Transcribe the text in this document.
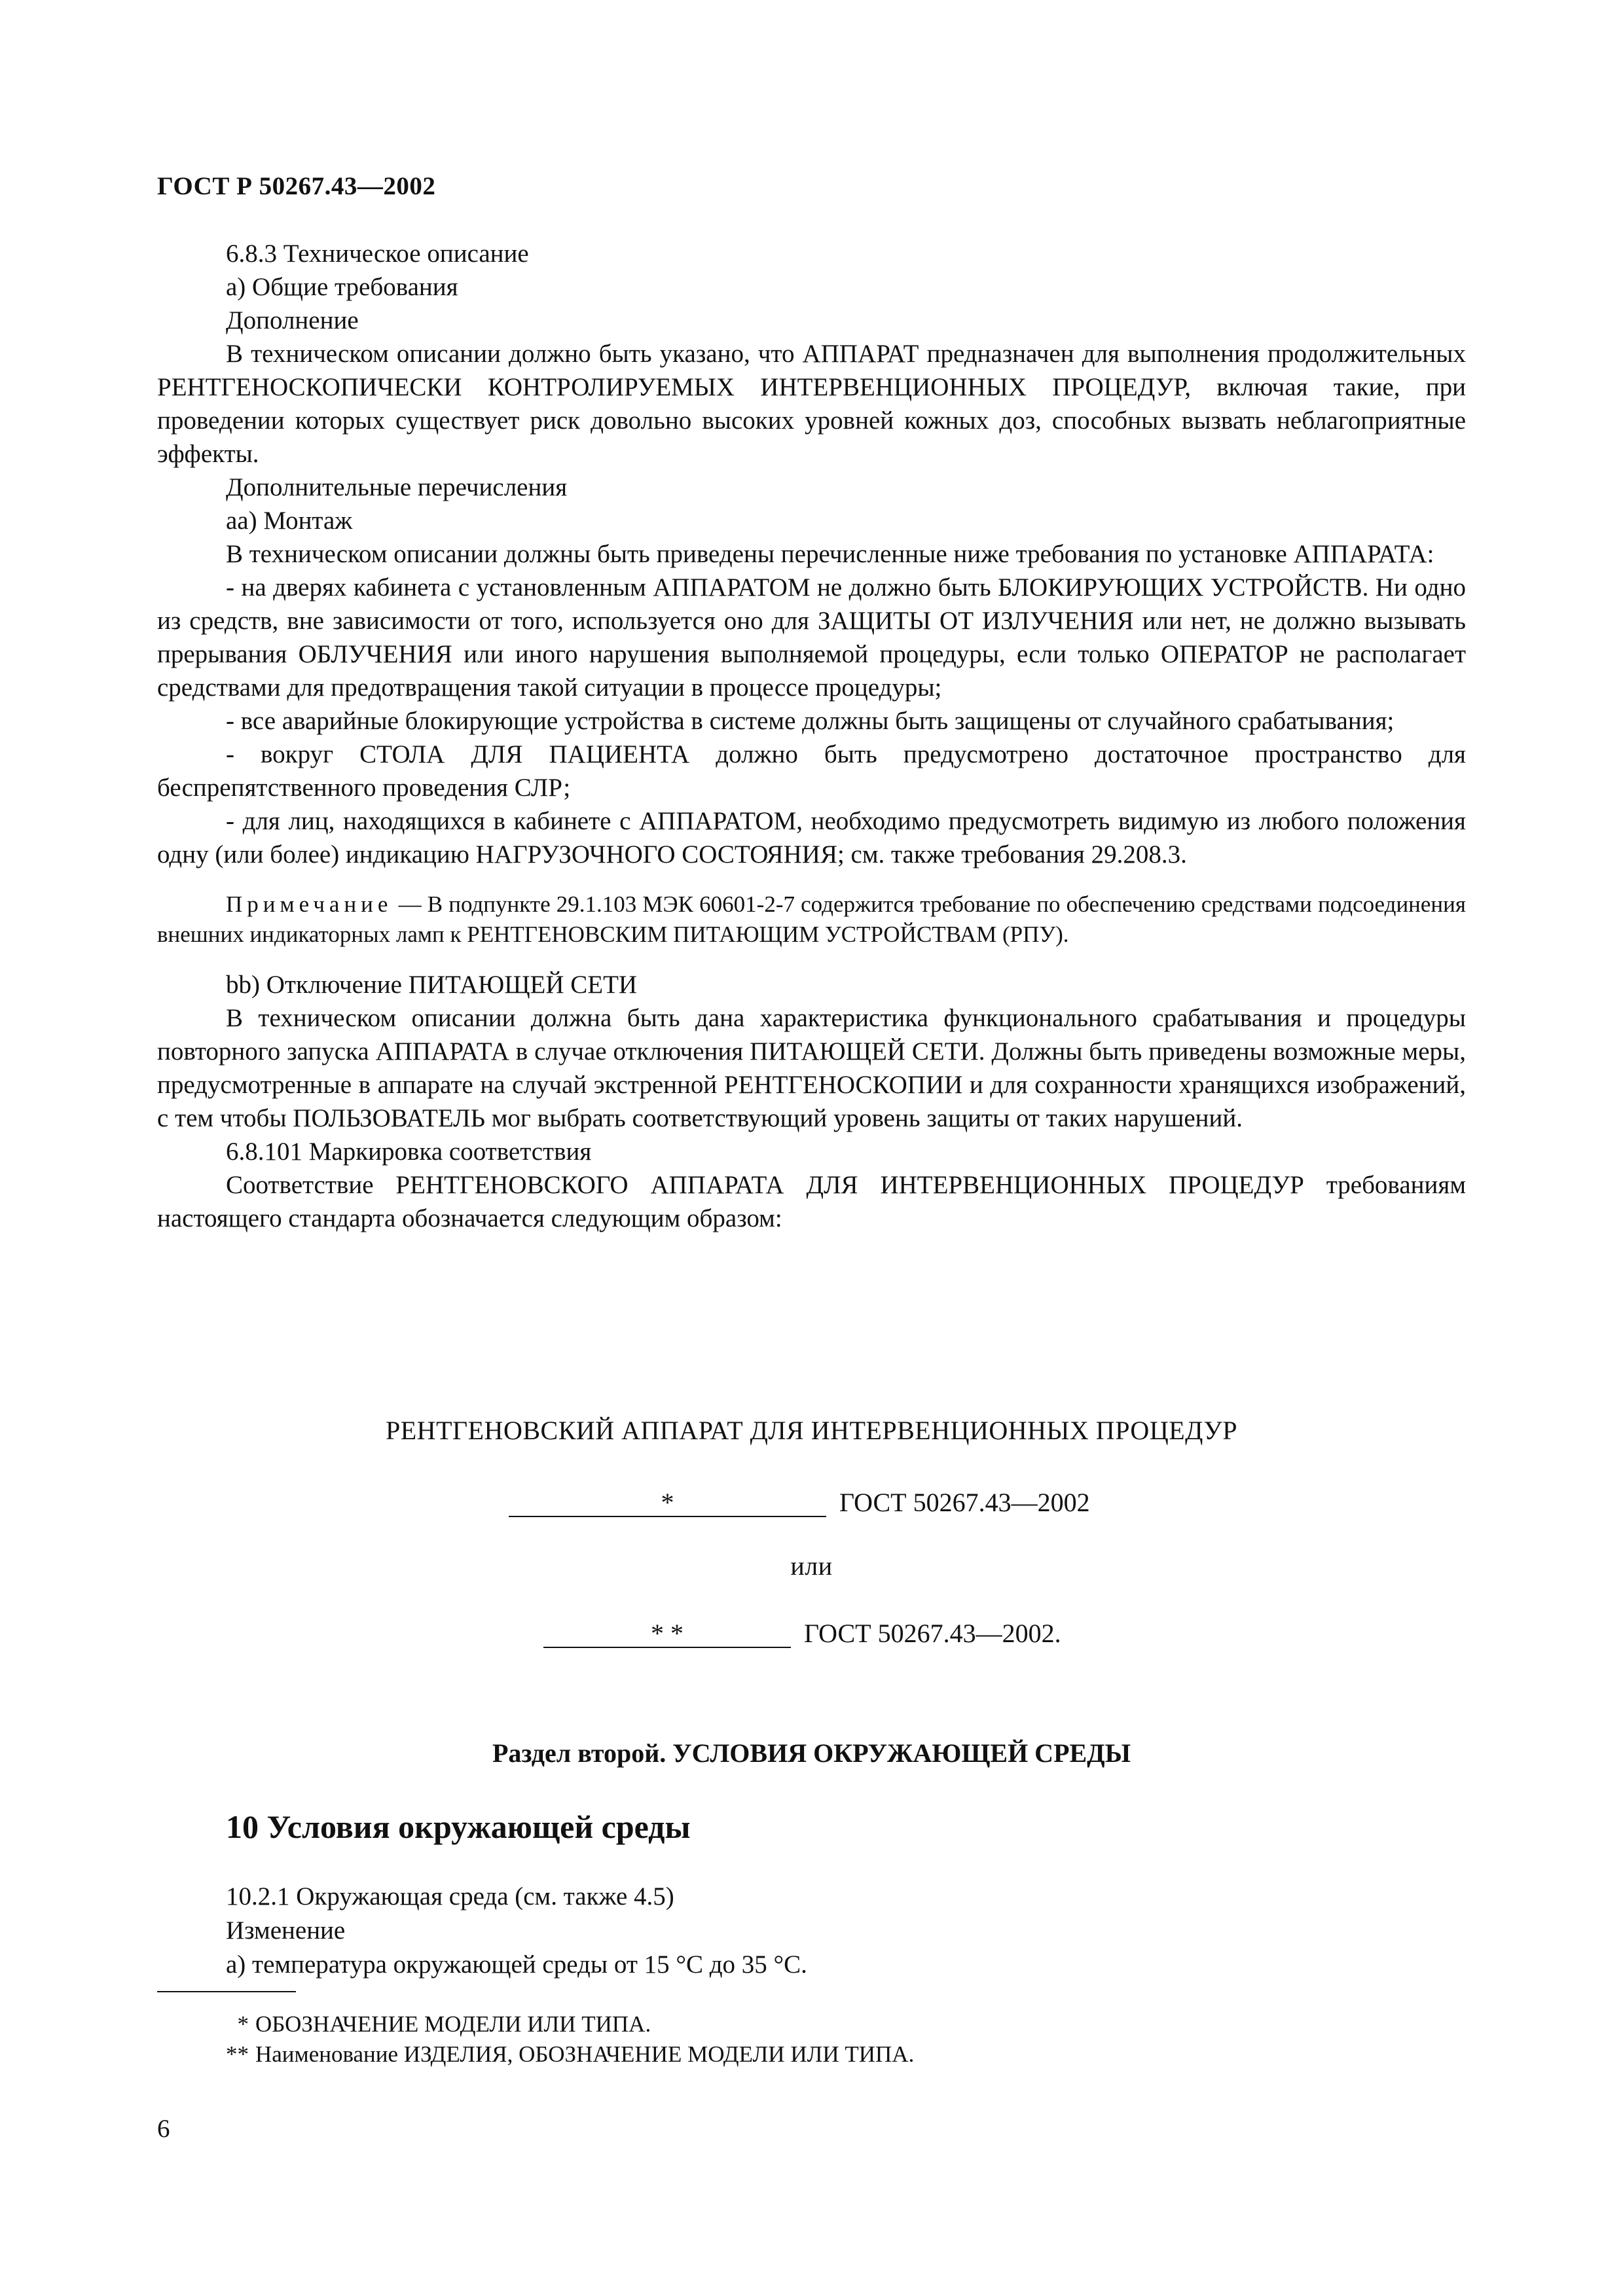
ГОСТ Р 50267.43—2002

6.8.3 Техническое описание

а) Общие требования

Дополнение

В техническом описании должно быть указано, что АППАРАТ предназначен для выполнения продолжительных РЕНТГЕНОСКОПИЧЕСКИ КОНТРОЛИРУЕМЫХ ИНТЕРВЕНЦИОННЫХ ПРОЦЕДУР, включая такие, при проведении которых существует риск довольно высоких уровней кожных доз, способных вызвать неблагоприятные эффекты.

Дополнительные перечисления

аа) Монтаж

В техническом описании должны быть приведены перечисленные ниже требования по установке АППАРАТА:

- на дверях кабинета с установленным АППАРАТОМ не должно быть БЛОКИРУЮЩИХ УСТРОЙСТВ. Ни одно из средств, вне зависимости от того, используется оно для ЗАЩИТЫ ОТ ИЗЛУЧЕНИЯ или нет, не должно вызывать прерывания ОБЛУЧЕНИЯ или иного нарушения выполняемой процедуры, если только ОПЕРАТОР не располагает средствами для предотвращения такой ситуации в процессе процедуры;

- все аварийные блокирующие устройства в системе должны быть защищены от случайного срабатывания;

- вокруг СТОЛА ДЛЯ ПАЦИЕНТА должно быть предусмотрено достаточное пространство для беспрепятственного проведения СЛР;

- для лиц, находящихся в кабинете с АППАРАТОМ, необходимо предусмотреть видимую из любого положения одну (или более) индикацию НАГРУЗОЧНОГО СОСТОЯНИЯ; см. также требования 29.208.3.

Примечание — В подпункте 29.1.103 МЭК 60601-2-7 содержится требование по обеспечению средствами подсоединения внешних индикаторных ламп к РЕНТГЕНОВСКИМ ПИТАЮЩИМ УСТРОЙСТВАМ (РПУ).

bb) Отключение ПИТАЮЩЕЙ СЕТИ

В техническом описании должна быть дана характеристика функционального срабатывания и процедуры повторного запуска АППАРАТА в случае отключения ПИТАЮЩЕЙ СЕТИ. Должны быть приведены возможные меры, предусмотренные в аппарате на случай экстренной РЕНТГЕНОСКОПИИ и для сохранности хранящихся изображений, с тем чтобы ПОЛЬЗОВАТЕЛЬ мог выбрать соответствующий уровень защиты от таких нарушений.

6.8.101 Маркировка соответствия

Соответствие РЕНТГЕНОВСКОГО АППАРАТА ДЛЯ ИНТЕРВЕНЦИОННЫХ ПРОЦЕДУР требованиям настоящего стандарта обозначается следующим образом:

РЕНТГЕНОВСКИЙ АППАРАТ ДЛЯ ИНТЕРВЕНЦИОННЫХ ПРОЦЕДУР
*	ГОСТ 50267.43—2002
или
* *	ГОСТ 50267.43—2002.
Раздел второй. УСЛОВИЯ ОКРУЖАЮЩЕЙ СРЕДЫ
10 Условия окружающей среды

10.2.1 Окружающая среда (см. также 4.5)

Изменение

а) температура окружающей среды от 15 °С до 35 °С.

* ОБОЗНАЧЕНИЕ МОДЕЛИ ИЛИ ТИПА.
** Наименование ИЗДЕЛИЯ, ОБОЗНАЧЕНИЕ МОДЕЛИ ИЛИ ТИПА.
6
